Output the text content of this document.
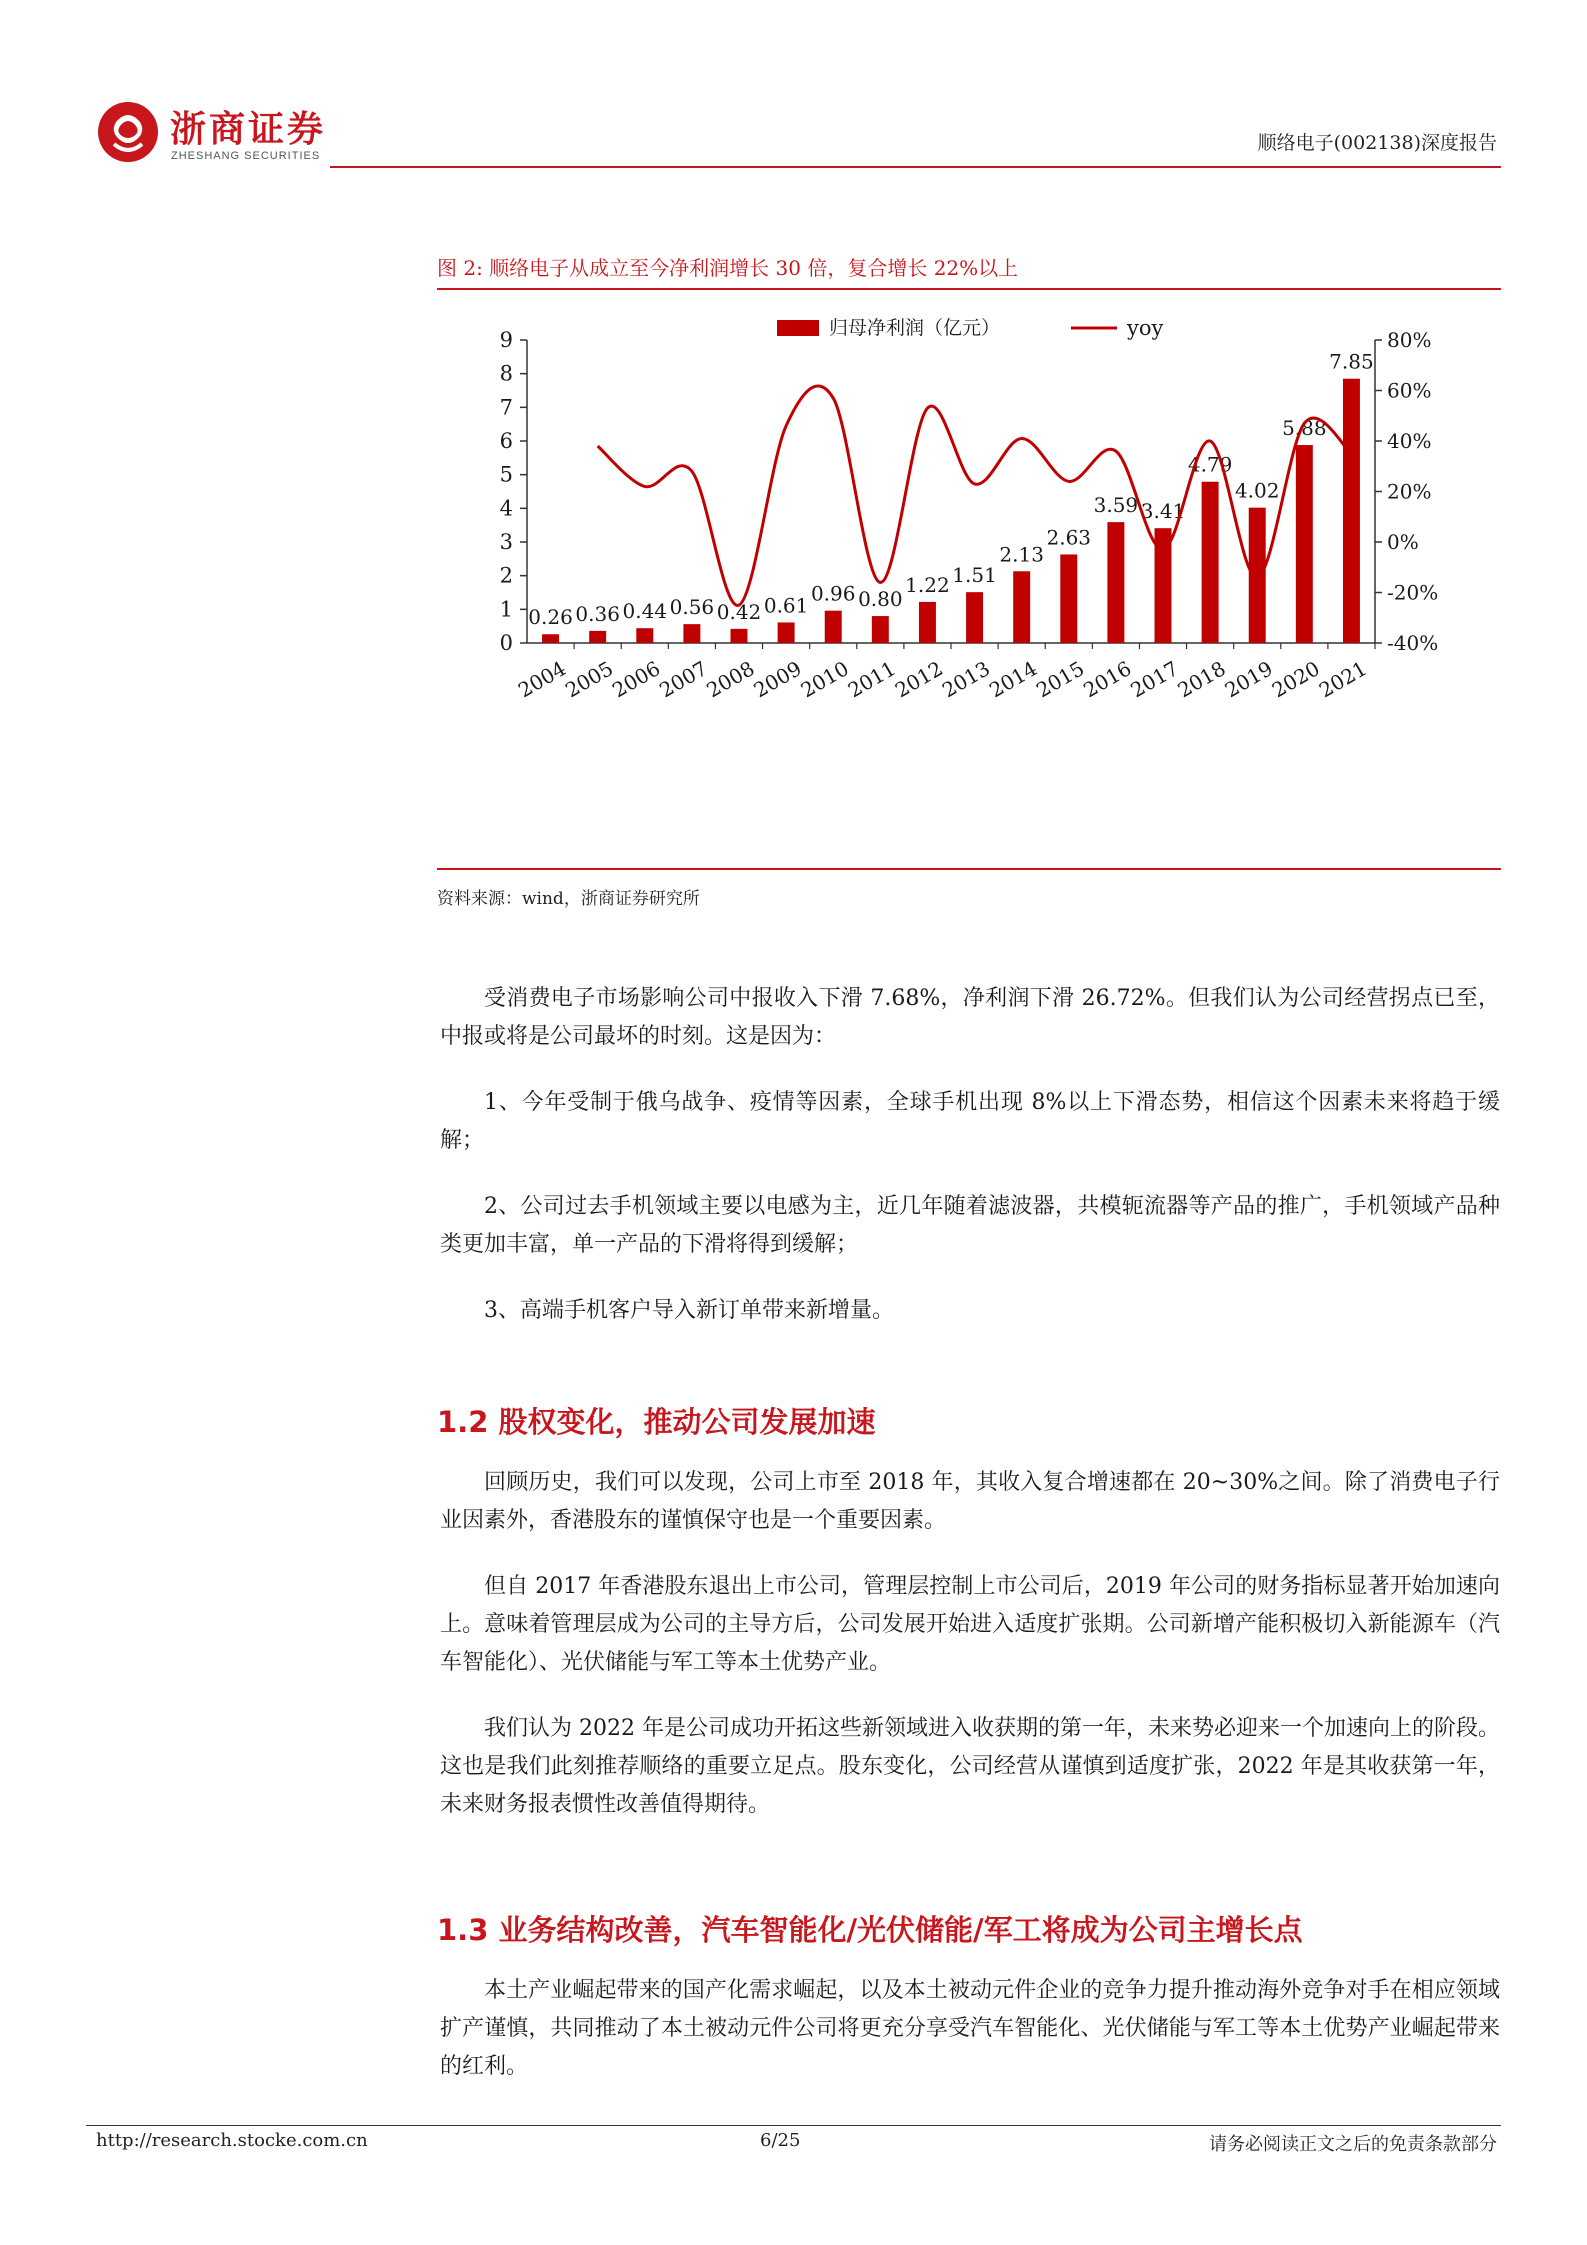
浙商证券
ZHESHANG SECURITIES
顺络电子(002138)深度报告
图 2: 顺络电子从成立至今净利润增长 30 倍，复合增长 22%以上
归母净利润（亿元）	yoy
0
1
2
3
4
5
6
7
8
9
-40%
-20%
0%
20%
40%
60%
80%
2004
2005
2006
2007
2008
2009
2010
2011
2012
2013
2014
2015
2016
2017
2018
2019
2020
2021
0.26 0.36 0.44 0.56 0.42 0.61 0.96 0.80
1.22 1.51
2.13
2.63
3.59 3.41
4.79
4.02
5.88
7.85
资料来源：wind，浙商证券研究所

受消费电子市场影响公司中报收入下滑 7.68%，净利润下滑 26.72%。但我们认为公司经营拐点已至，中报或将是公司最坏的时刻。这是因为：

1、今年受制于俄乌战争、疫情等因素，全球手机出现 8%以上下滑态势，相信这个因素未来将趋于缓解；

2、公司过去手机领域主要以电感为主，近几年随着滤波器，共模轭流器等产品的推广，手机领域产品种类更加丰富，单一产品的下滑将得到缓解；

3、高端手机客户导入新订单带来新增量。

1.2 股权变化，推动公司发展加速

回顾历史，我们可以发现，公司上市至 2018 年，其收入复合增速都在 20~30%之间。除了消费电子行业因素外，香港股东的谨慎保守也是一个重要因素。

但自 2017 年香港股东退出上市公司，管理层控制上市公司后，2019 年公司的财务指标显著开始加速向上。意味着管理层成为公司的主导方后，公司发展开始进入适度扩张期。公司新增产能积极切入新能源车（汽车智能化）、光伏储能与军工等本土优势产业。

我们认为 2022 年是公司成功开拓这些新领域进入收获期的第一年，未来势必迎来一个加速向上的阶段。这也是我们此刻推荐顺络的重要立足点。股东变化，公司经营从谨慎到适度扩张，2022 年是其收获第一年，未来财务报表惯性改善值得期待。

1.3 业务结构改善，汽车智能化/光伏储能/军工将成为公司主增长点

本土产业崛起带来的国产化需求崛起，以及本土被动元件企业的竞争力提升推动海外竞争对手在相应领域扩产谨慎，共同推动了本土被动元件公司将更充分享受汽车智能化、光伏储能与军工等本土优势产业崛起带来的红利。

http://research.stocke.com.cn	6/25	请务必阅读正文之后的免责条款部分
